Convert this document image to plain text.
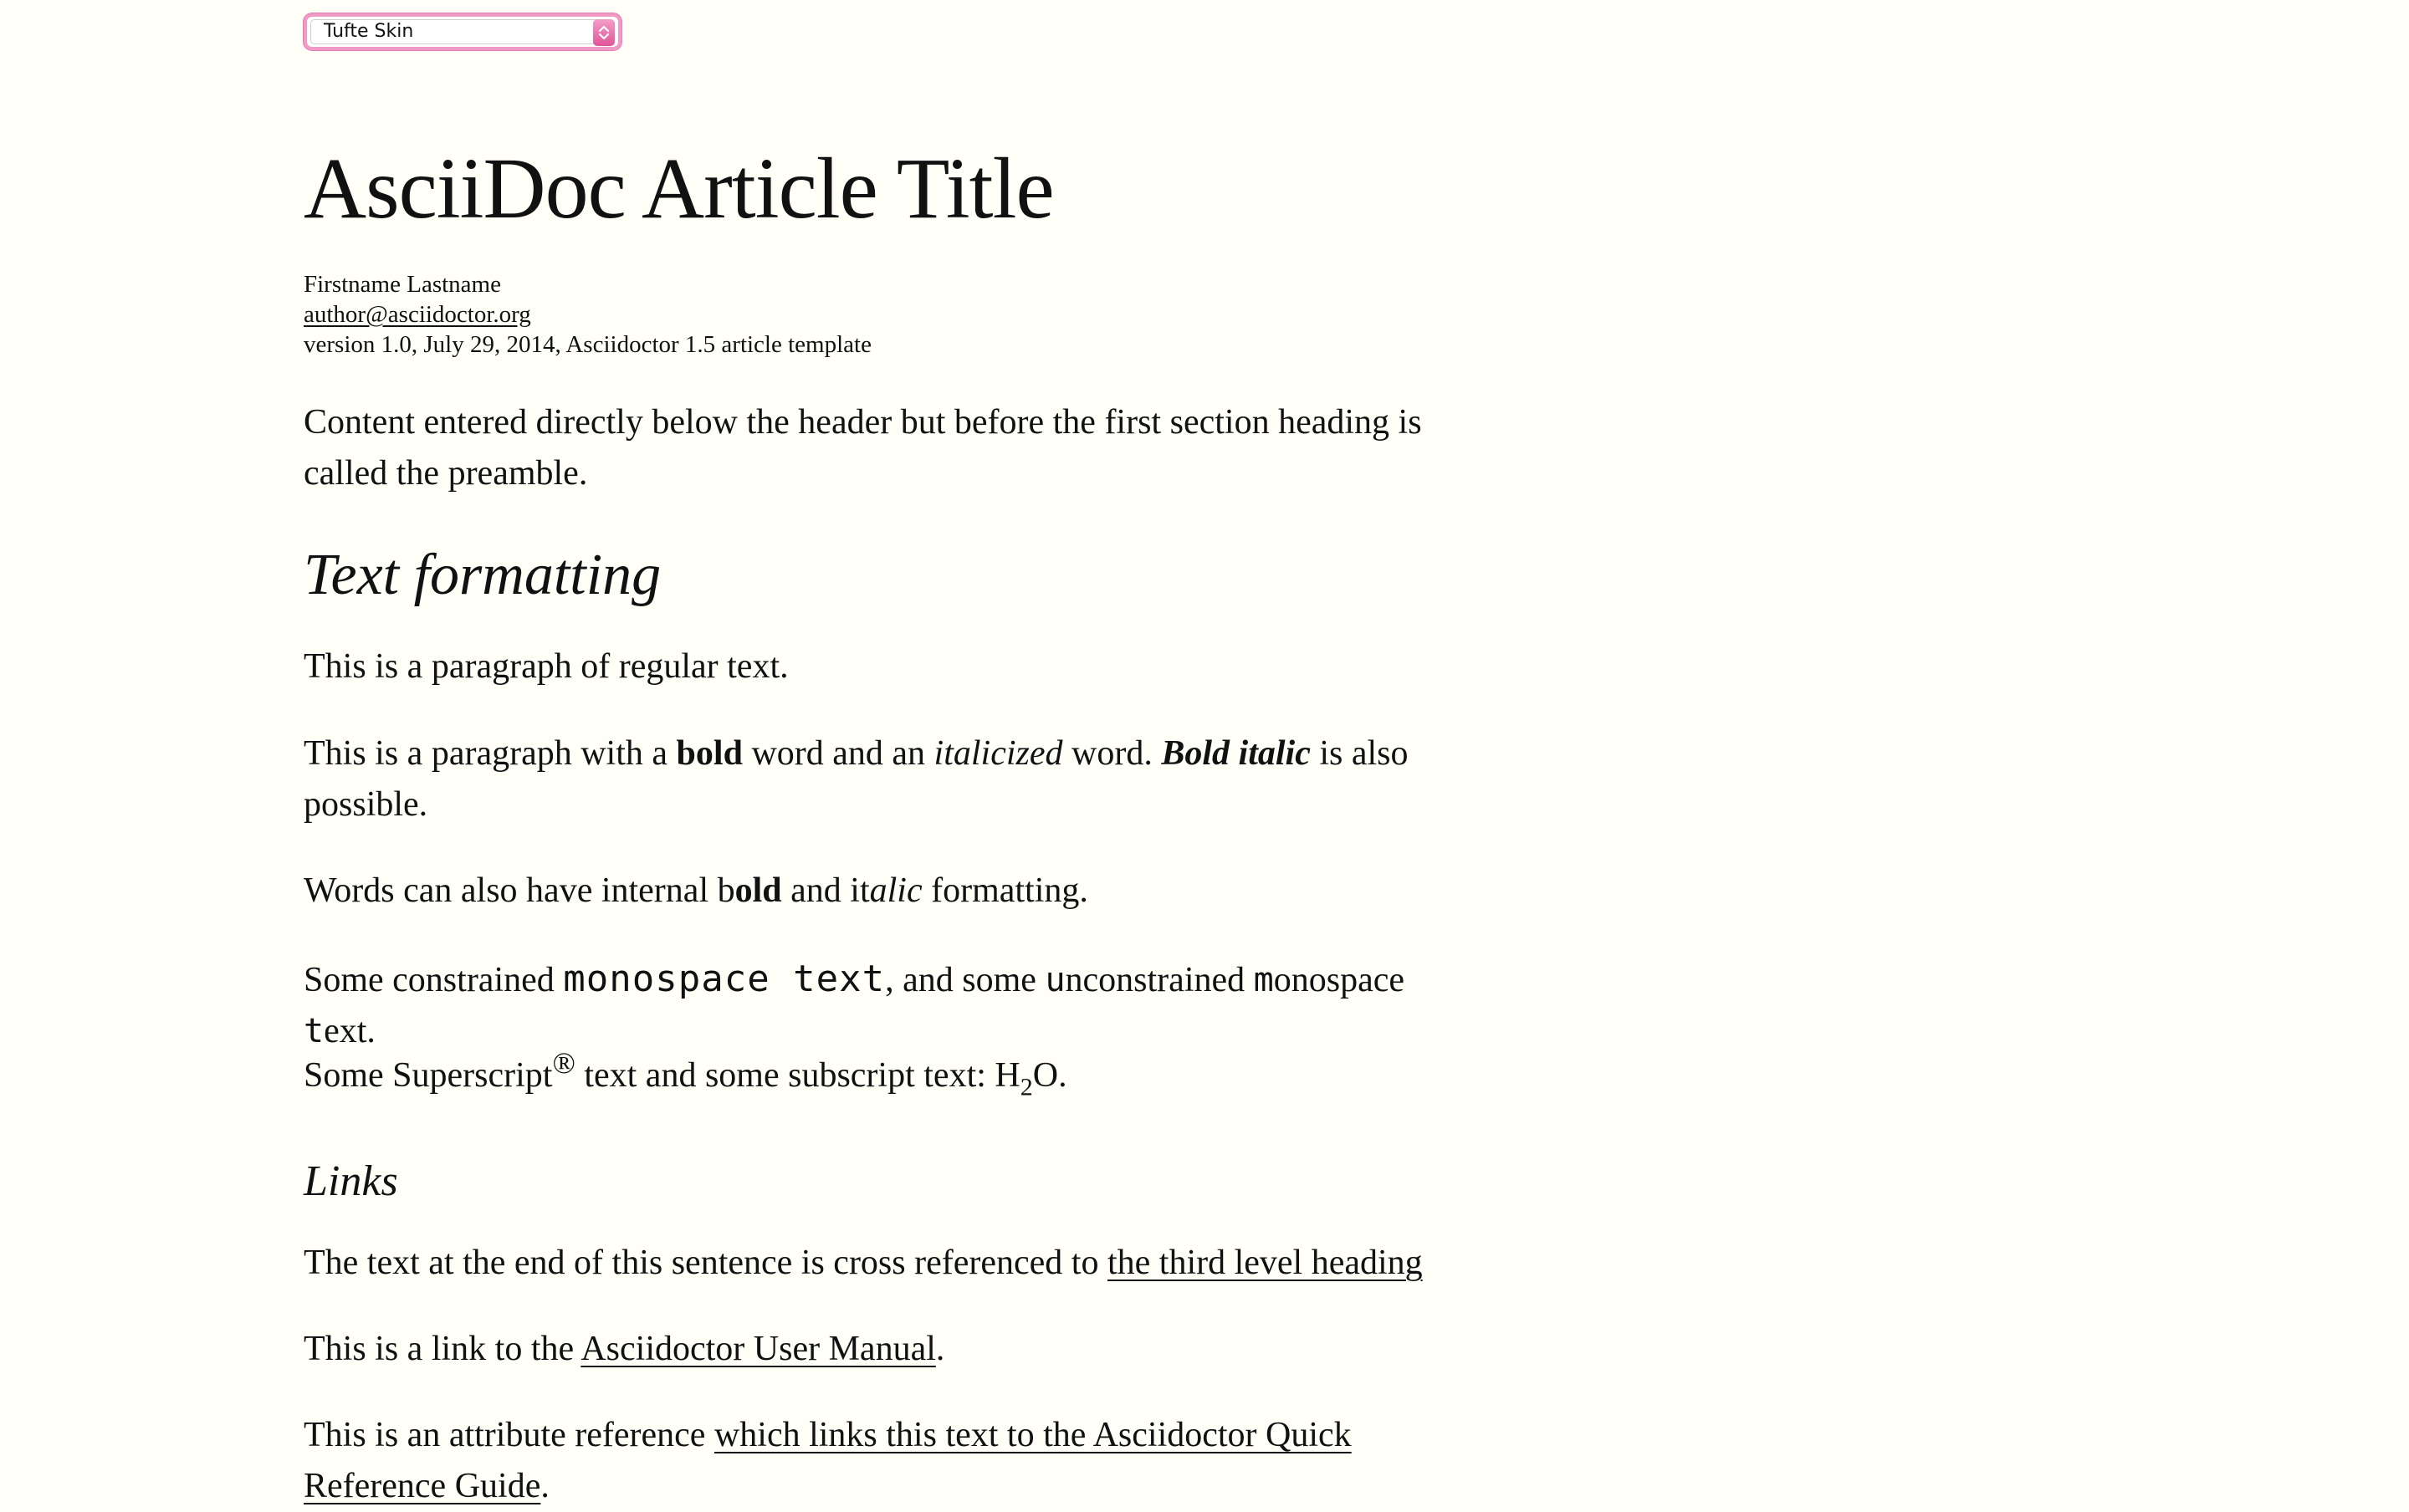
Tufte Skin
AsciiDoc Article Title
Firstname Lastname
author@asciidoctor.org
version 1.0, July 29, 2014, Asciidoctor 1.5 article template

Content entered directly below the header but before the first section heading is called the preamble.

Text formatting

This is a paragraph of regular text.

This is a paragraph with a bold word and an italicized word. Bold italic is also possible.

Words can also have internal bold and italic formatting.

Some constrained monospace text, and some unconstrained monospace text.

Some Superscript® text and some subscript text: $H_2O$.

Links

The text at the end of this sentence is cross referenced to the third level heading

This is a link to the Asciidoctor User Manual.

This is an attribute reference which links this text to the Asciidoctor Quick Reference Guide.
